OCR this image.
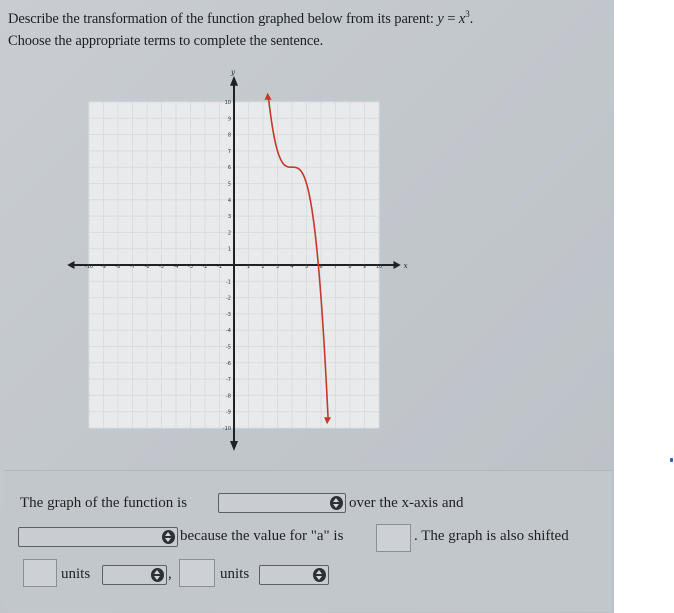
Describe the transformation of the function graphed below from its parent: $y = x^3$.
Choose the appropriate terms to complete the sentence.
x
y
-10 -9 -8 -7 -6 -5 -4 -3 -2 -1	1 2 3 4 5 6 7 8 9 10
10
9
8
7
6
5
4
3
2
1
-1
-2
-3
-4
-5
-6
-7
-8
-9
-10
The graph of the function is	over the x-axis and
because the value for "a" is	. The graph is also shifted
units	,	units
